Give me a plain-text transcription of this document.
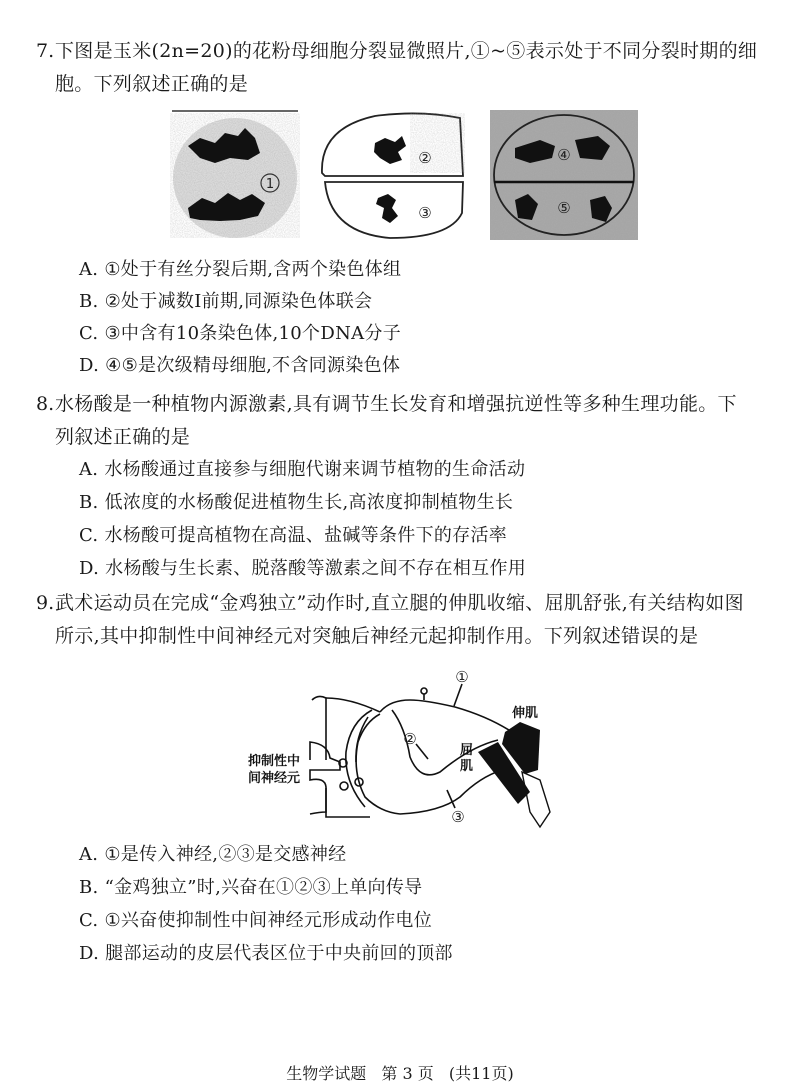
7. 下图是玉米(2n=20)的花粉母细胞分裂显微照片,①~⑤表示处于不同分裂时期的细
胞。下列叙述正确的是
1
②
③
④
⑤
A. ①处于有丝分裂后期,含两个染色体组
B. ②处于减数Ⅰ前期,同源染色体联会
C. ③中含有10条染色体,10个DNA分子
D. ④⑤是次级精母细胞,不含同源染色体
8. 水杨酸是一种植物内源激素,具有调节生长发育和增强抗逆性等多种生理功能。下
列叙述正确的是
A. 水杨酸通过直接参与细胞代谢来调节植物的生命活动
B. 低浓度的水杨酸促进植物生长,高浓度抑制植物生长
C. 水杨酸可提高植物在高温、盐碱等条件下的存活率
D. 水杨酸与生长素、脱落酸等激素之间不存在相互作用
9. 武术运动员在完成“金鸡独立”动作时,直立腿的伸肌收缩、屈肌舒张,有关结构如图
所示,其中抑制性中间神经元对突触后神经元起抑制作用。下列叙述错误的是
①
②
③
伸肌
屈
肌
抑制性中
间神经元
A. ①是传入神经,②③是交感神经
B. “金鸡独立”时,兴奋在①②③上单向传导
C. ①兴奋使抑制性中间神经元形成动作电位
D. 腿部运动的皮层代表区位于中央前回的顶部
生物学试题 第 3 页 (共11页)
